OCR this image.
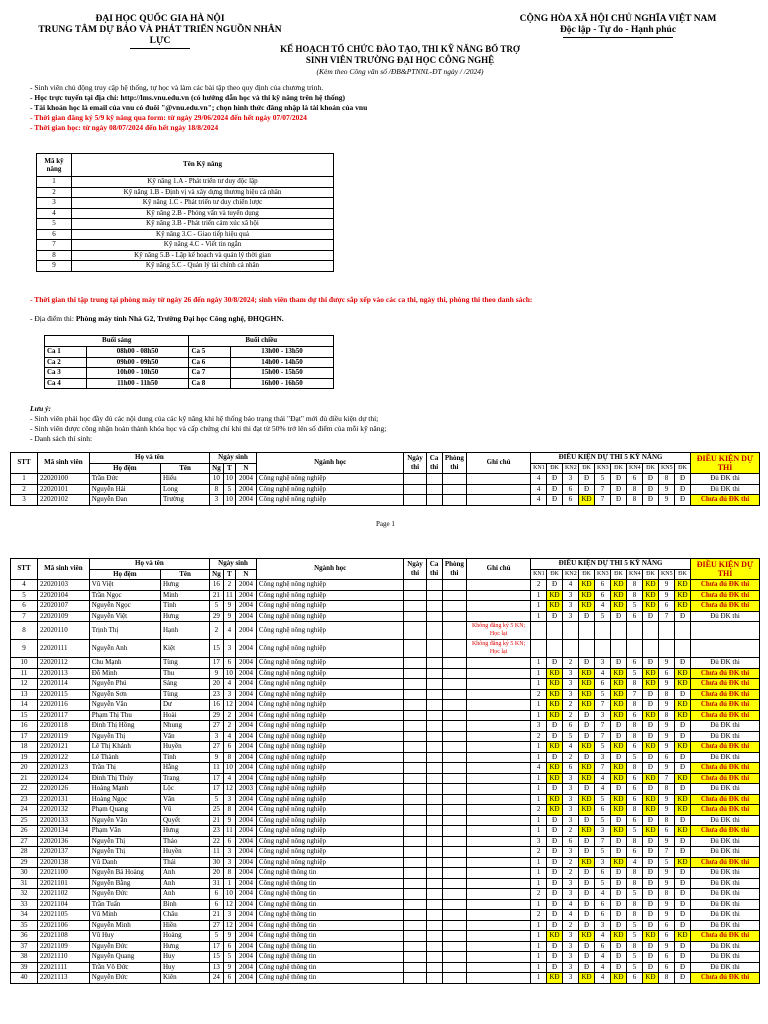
ĐẠI HỌC QUỐC GIA HÀ NỘI
TRUNG TÂM DỰ BÁO VÀ PHÁT TRIỂN NGUỒN NHÂN LỰC
CỘNG HÒA XÃ HỘI CHỦ NGHĨA VIỆT NAM
Độc lập - Tự do - Hạnh phúc
KẾ HOẠCH TỔ CHỨC ĐÀO TẠO, THI KỸ NĂNG BỔ TRỢ
SINH VIÊN TRƯỜNG ĐẠI HỌC CÔNG NGHỆ
(Kèm theo Công văn số /ĐB&PTNNL-ĐT ngày / /2024)
- Sinh viên chủ động truy cập hệ thống, tự học và làm các bài tập theo quy định của chương trình.
- Học trực tuyến tại địa chỉ: http://lms.vnu.edu.vn (có hướng dẫn học và thi kỹ năng trên hệ thống)
- Tài khoản học là email của vnu có đuôi "@vnu.edu.vn"; chọn hình thức đăng nhập là tài khoản của vnu
- Thời gian đăng ký 5/9 kỹ năng qua form: từ ngày 29/06/2024 đến hết ngày 07/07/2024
- Thời gian học: từ ngày 08/07/2024 đến hết ngày 18/8/2024
Mã kỹ năng	Tên Kỹ năng
1	Kỹ năng 1.A - Phát triển tư duy độc lập
2	Kỹ năng 1.B - Định vị và xây dựng thương hiệu cá nhân
3	Kỹ năng 1.C - Phát triển tư duy chiến lược
4	Kỹ năng 2.B - Phỏng vấn và tuyển dụng
5	Kỹ năng 3.B - Phát triển cảm xúc xã hội
6	Kỹ năng 3.C - Giao tiếp hiệu quả
7	Kỹ năng 4.C - Viết tin ngắn
8	Kỹ năng 5.B - Lập kế hoạch và quản lý thời gian
9	Kỹ năng 5.C - Quản lý tài chính cá nhân
- Thời gian thi tập trung tại phòng máy từ ngày 26 đến ngày 30/8/2024; sinh viên tham dự thi được sắp xếp vào các ca thi, ngày thi, phòng thi theo danh sách:
- Địa điểm thi: Phòng máy tính Nhà G2, Trường Đại học Công nghệ, ĐHQGHN.
Buổi sáng		Buổi chiều	
Ca 1	08h00 - 08h50	Ca 5	13h00 - 13h50
Ca 2	09h00 - 09h50	Ca 6	14h00 - 14h50
Ca 3	10h00 - 10h50	Ca 7	15h00 - 15h50
Ca 4	11h00 - 11h50	Ca 8	16h00 - 16h50
Lưu ý:
- Sinh viên phải học đầy đủ các nội dung của các kỹ năng khi hệ thống báo trạng thái "Đạt" mới đủ điều kiện dự thi;
- Sinh viên được công nhận hoàn thành khóa học và cấp chứng chỉ khi thi đạt từ 50% trở lên số điểm của mỗi kỹ năng;
- Danh sách thí sinh:
STT	Mã sinh viên	Họ và tên		Ngày sinh			Ngành học	Ngày thi	Ca thi	Phòng thi	Ghi chú	ĐIỀU KIỆN DỰ THI 5 KỸ NĂNG										ĐIỀU KIỆN DỰ THI
		Họ đệm	Tên	Ng	T	N						KN1	ĐK	KN2	ĐK	KN3	ĐK	KN4	ĐK	KN5	ĐK	
1	22020100	Trần Đức	Hiếu	10	10	2004	Công nghệ nông nghiệp					4	Đ	3	Đ	5	Đ	6	Đ	8	Đ	Đủ ĐK thi
2	22020101	Nguyễn Hải	Long	8	5	2004	Công nghệ nông nghiệp					4	Đ	6	Đ	7	Đ	8	Đ	9	Đ	Đủ ĐK thi
3	22020102	Nguyễn Đan	Trường	3	10	2004	Công nghệ nông nghiệp					4	Đ	6	KĐ	7	Đ	8	Đ	9	Đ	Chưa đủ ĐK thi
Page 1
STT	Mã sinh viên	Họ và tên		Ngày sinh			Ngành học	Ngày thi	Ca thi	Phòng thi	Ghi chú	ĐIỀU KIỆN DỰ THI 5 KỸ NĂNG										ĐIỀU KIỆN DỰ THI
		Họ đệm	Tên	Ng	T	N						KN1	ĐK	KN2	ĐK	KN3	ĐK	KN4	ĐK	KN5	ĐK	
4	22020103	Vũ Việt	Hưng	16	2	2004	Công nghệ nông nghiệp					2	Đ	4	KĐ	6	KĐ	8	KĐ	9	KĐ	Chưa đủ ĐK thi
5	22020104	Trần Ngọc	Minh	21	11	2004	Công nghệ nông nghiệp					1	KĐ	3	KĐ	6	KĐ	8	KĐ	9	KĐ	Chưa đủ ĐK thi
6	22020107	Nguyễn Ngọc	Tính	5	9	2004	Công nghệ nông nghiệp					1	KĐ	3	KĐ	4	KĐ	5	KĐ	6	KĐ	Chưa đủ ĐK thi
7	22020109	Nguyễn Việt	Hưng	29	9	2004	Công nghệ nông nghiệp					1	Đ	3	Đ	5	Đ	6	Đ	7	Đ	Đủ ĐK thi
8	22020110	Trịnh Thị	Hạnh	2	4	2004	Công nghệ nông nghiệp				Không đăng ký 5 KN; Học lại											
9	22020111	Nguyễn Anh	Kiệt	15	3	2004	Công nghệ nông nghiệp				Không đăng ký 5 KN; Học lại											
10	22020112	Chu Mạnh	Tùng	17	6	2004	Công nghệ nông nghiệp					1	Đ	2	Đ	3	Đ	6	Đ	9	Đ	Đủ ĐK thi
11	22020113	Đỗ Minh	Thu	9	10	2004	Công nghệ nông nghiệp					1	KĐ	3	KĐ	4	KĐ	5	KĐ	6	KĐ	Chưa đủ ĐK thi
12	22020114	Nguyễn Phú	Sáng	20	4	2004	Công nghệ nông nghiệp					1	KĐ	3	KĐ	6	KĐ	8	KĐ	9	KĐ	Chưa đủ ĐK thi
13	22020115	Nguyễn Sơn	Tùng	23	3	2004	Công nghệ nông nghiệp					2	KĐ	3	KĐ	5	KĐ	7	Đ	8	Đ	Chưa đủ ĐK thi
14	22020116	Nguyễn Văn	Dư	16	12	2004	Công nghệ nông nghiệp					1	KĐ	2	KĐ	7	KĐ	8	Đ	9	KĐ	Chưa đủ ĐK thi
15	22020117	Phạm Thị Thu	Hoài	29	2	2004	Công nghệ nông nghiệp					1	KĐ	2	Đ	3	KĐ	6	KĐ	8	KĐ	Chưa đủ ĐK thi
16	22020118	Đinh Thị Hồng	Nhung	27	2	2004	Công nghệ nông nghiệp					3	Đ	6	Đ	7	Đ	8	Đ	9	Đ	Đủ ĐK thi
17	22020119	Nguyễn Thị	Vân	3	4	2004	Công nghệ nông nghiệp					2	Đ	5	Đ	7	Đ	8	Đ	9	Đ	Đủ ĐK thi
18	22020121	Lê Thị Khánh	Huyền	27	6	2004	Công nghệ nông nghiệp					1	KĐ	4	KĐ	5	KĐ	6	KĐ	9	KĐ	Chưa đủ ĐK thi
19	22020122	Lê Thành	Tính	9	8	2004	Công nghệ nông nghiệp					1	Đ	2	Đ	3	Đ	5	Đ	6	Đ	Đủ ĐK thi
20	22020123	Trần Thị	Hằng	11	10	2004	Công nghệ nông nghiệp					4	KĐ	6	KĐ	7	KĐ	8	Đ	9	Đ	Chưa đủ ĐK thi
21	22020124	Đinh Thị Thúy	Trang	17	4	2004	Công nghệ nông nghiệp					1	KĐ	3	KĐ	4	KĐ	6	KĐ	7	KĐ	Chưa đủ ĐK thi
22	22020126	Hoàng Mạnh	Lộc	17	12	2003	Công nghệ nông nghiệp					1	Đ	3	Đ	4	Đ	6	Đ	8	Đ	Đủ ĐK thi
23	22020131	Hoàng Ngọc	Vân	5	3	2004	Công nghệ nông nghiệp					1	KĐ	3	KĐ	5	KĐ	6	KĐ	9	KĐ	Chưa đủ ĐK thi
24	22020132	Phạm Quang	Vũ	25	8	2004	Công nghệ nông nghiệp					2	KĐ	3	KĐ	6	KĐ	8	KĐ	9	KĐ	Chưa đủ ĐK thi
25	22020133	Nguyễn Văn	Quyết	21	9	2004	Công nghệ nông nghiệp					1	Đ	3	Đ	5	Đ	6	Đ	8	Đ	Đủ ĐK thi
26	22020134	Phạm Văn	Hưng	23	11	2004	Công nghệ nông nghiệp					1	Đ	2	KĐ	3	KĐ	5	KĐ	6	KĐ	Chưa đủ ĐK thi
27	22020136	Nguyễn Thị	Thảo	22	6	2004	Công nghệ nông nghiệp					3	Đ	6	Đ	7	Đ	8	Đ	9	Đ	Đủ ĐK thi
28	22020137	Nguyễn Thị	Huyền	11	3	2004	Công nghệ nông nghiệp					2	Đ	3	Đ	5	Đ	6	Đ	7	Đ	Đủ ĐK thi
29	22020138	Vũ Danh	Thái	30	3	2004	Công nghệ nông nghiệp					1	Đ	2	KĐ	3	KĐ	4	Đ	5	KĐ	Chưa đủ ĐK thi
30	22021100	Nguyễn Bá Hoàng	Anh	20	8	2004	Công nghệ thông tin					1	Đ	2	Đ	6	Đ	8	Đ	9	Đ	Đủ ĐK thi
31	22021101	Nguyễn Bằng	Anh	31	1	2004	Công nghệ thông tin					1	Đ	3	Đ	5	Đ	8	Đ	9	Đ	Đủ ĐK thi
32	22021102	Nguyễn Đức	Anh	6	10	2004	Công nghệ thông tin					2	Đ	3	Đ	4	Đ	5	Đ	8	Đ	Đủ ĐK thi
33	22021104	Trần Tuấn	Bình	6	12	2004	Công nghệ thông tin					1	Đ	4	Đ	6	Đ	8	Đ	9	Đ	Đủ ĐK thi
34	22021105	Vũ Minh	Châu	21	3	2004	Công nghệ thông tin					2	Đ	4	Đ	6	Đ	8	Đ	9	Đ	Đủ ĐK thi
35	22021106	Nguyễn Minh	Hiền	27	12	2004	Công nghệ thông tin					1	Đ	2	Đ	3	Đ	5	Đ	6	Đ	Đủ ĐK thi
36	22021108	Vũ Huy	Hoàng	5	9	2004	Công nghệ thông tin					1	KĐ	3	KĐ	4	KĐ	5	KĐ	6	KĐ	Chưa đủ ĐK thi
37	22021109	Nguyễn Đức	Hưng	17	6	2004	Công nghệ thông tin					1	Đ	3	Đ	6	Đ	8	Đ	9	Đ	Đủ ĐK thi
38	22021110	Nguyễn Quang	Huy	15	5	2004	Công nghệ thông tin					1	Đ	3	Đ	4	Đ	5	Đ	6	Đ	Đủ ĐK thi
39	22021111	Trần Võ Đức	Huy	13	9	2004	Công nghệ thông tin					1	Đ	3	Đ	4	Đ	5	Đ	6	Đ	Đủ ĐK thi
40	22021113	Nguyễn Đức	Kiên	24	6	2004	Công nghệ thông tin					1	KĐ	3	KĐ	4	KĐ	6	KĐ	8	Đ	Chưa đủ ĐK thi
